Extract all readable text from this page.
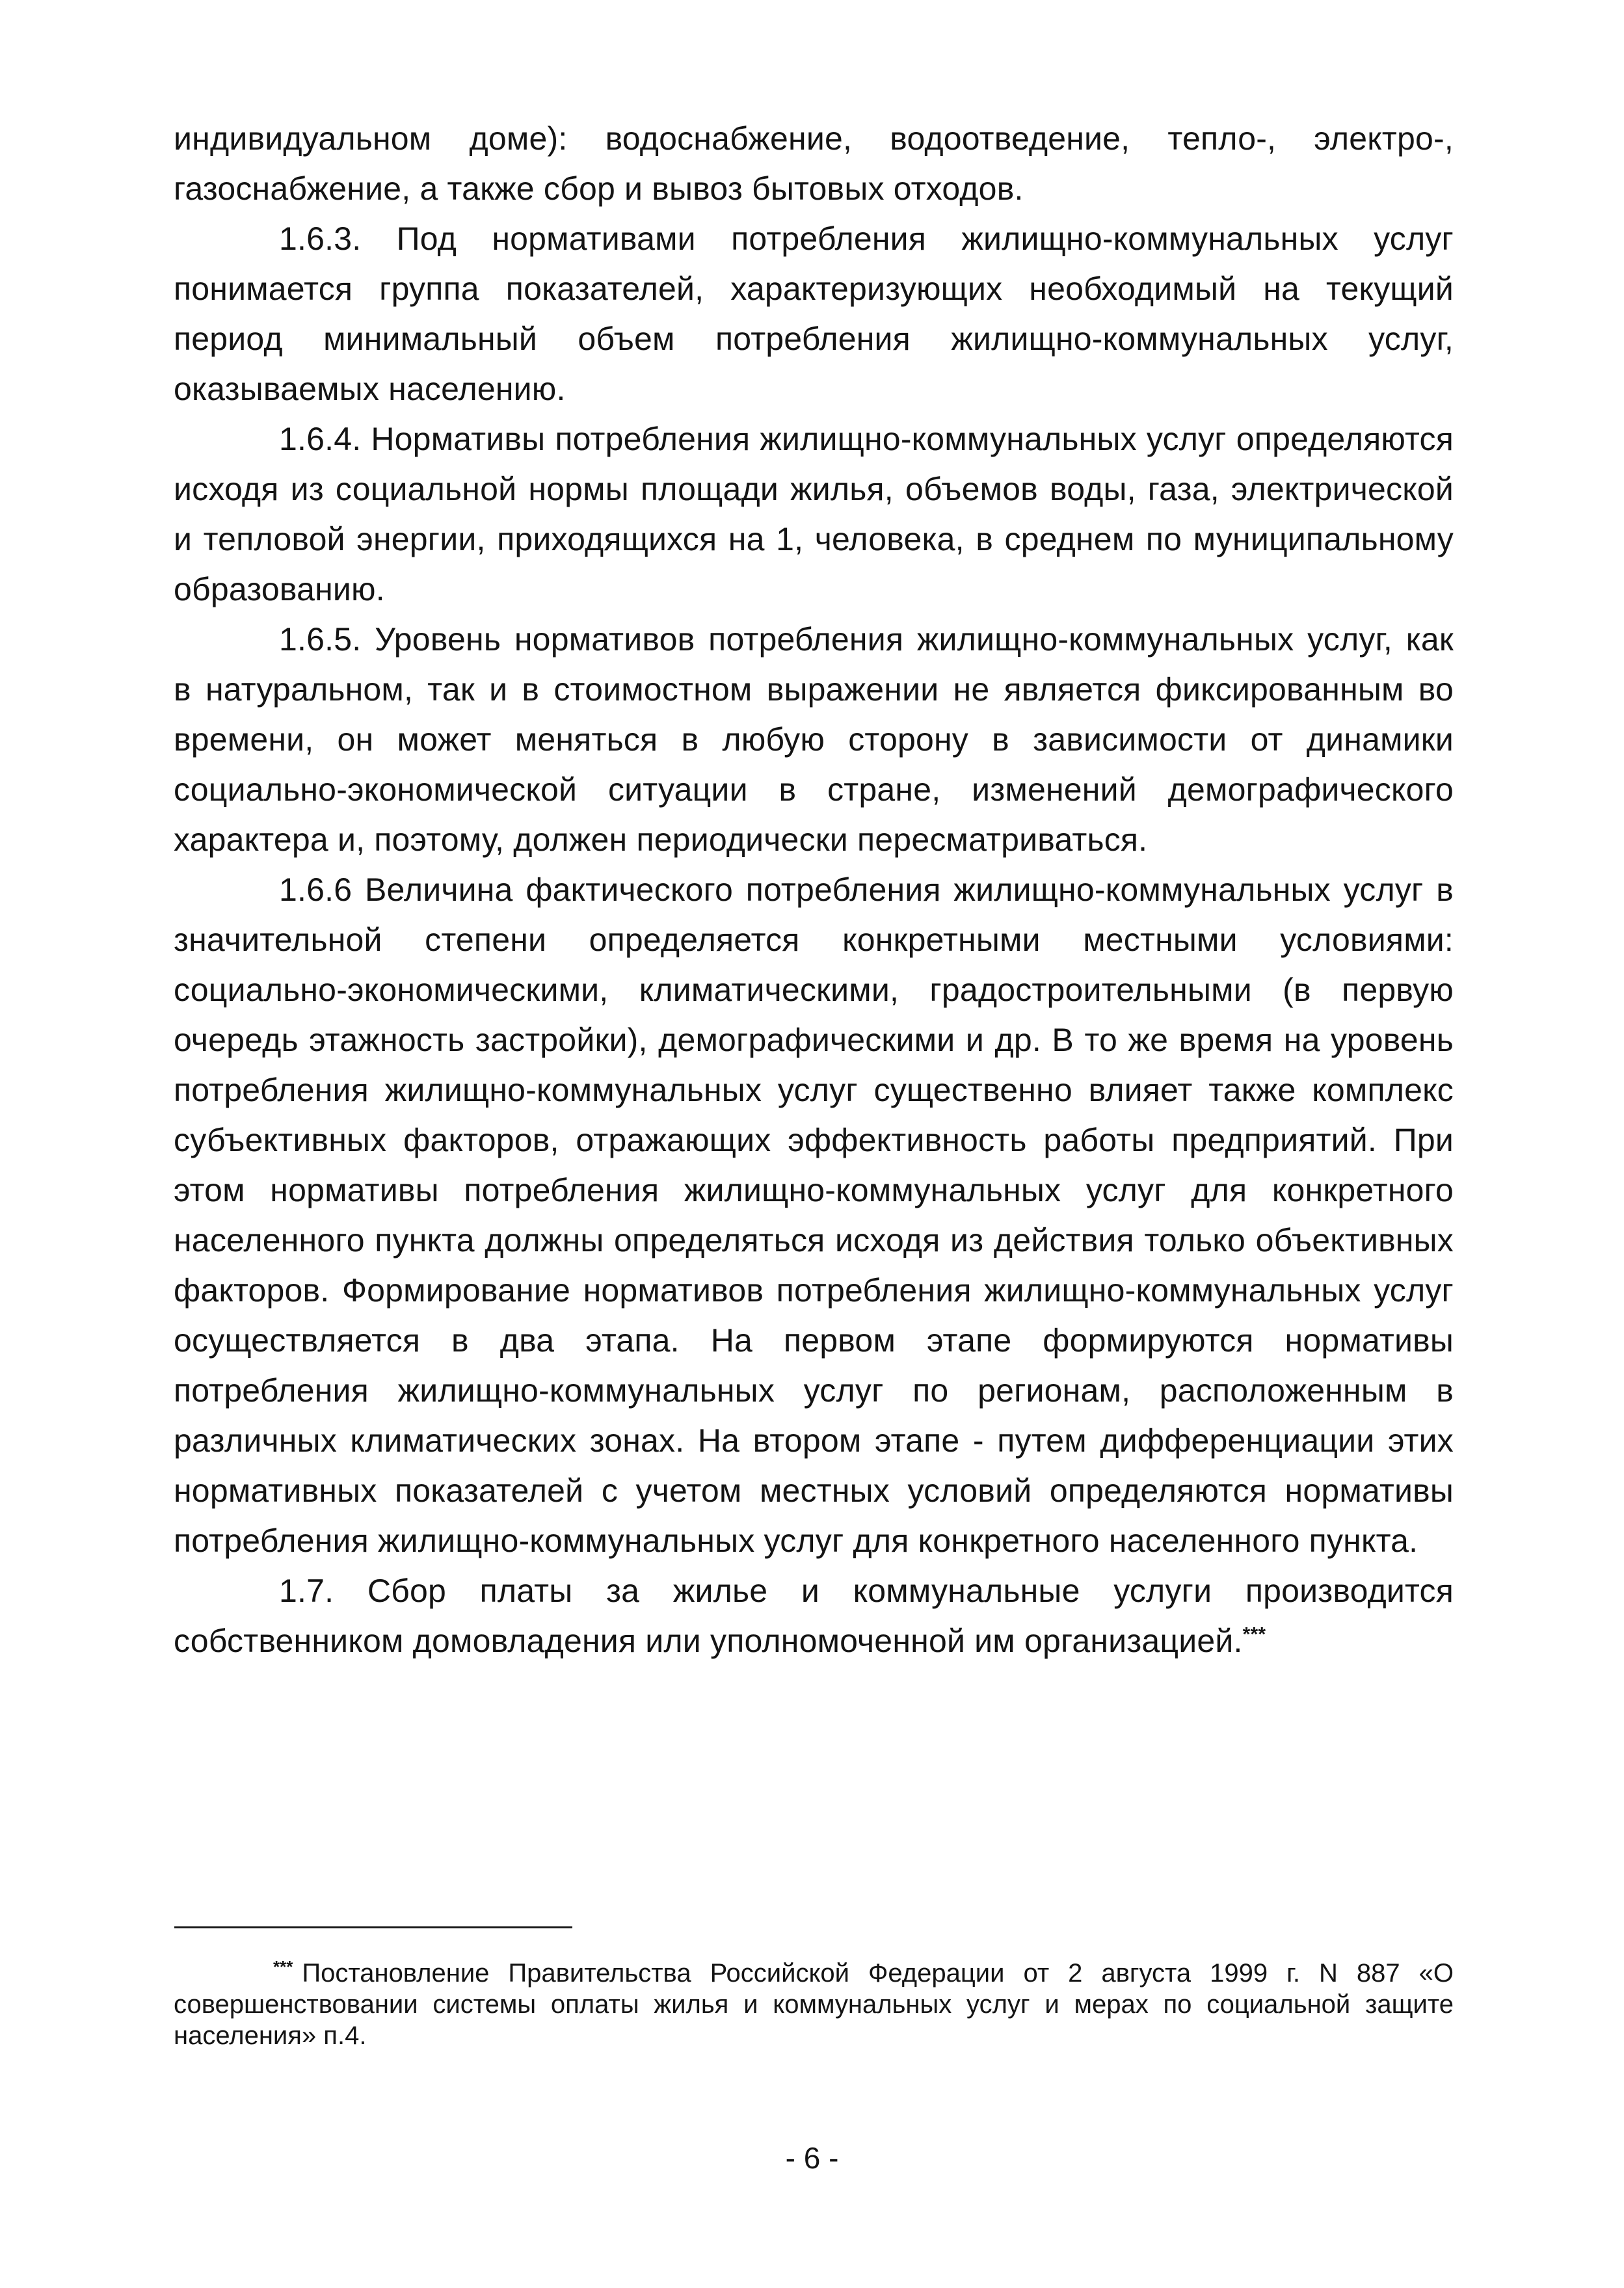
индивидуальном доме): водоснабжение, водоотведение, тепло-, электро-, газоснабжение, а также сбор и вывоз бытовых отходов.

1.6.3. Под нормативами потребления жилищно-коммунальных услуг понимается группа показателей, характеризующих необходимый на текущий период минимальный объем потребления жилищно-коммунальных услуг, оказываемых населению.

1.6.4. Нормативы потребления жилищно-коммунальных услуг определяются исходя из социальной нормы площади жилья, объемов воды, газа, электрической и тепловой энергии, приходящихся на 1, человека, в среднем по муниципальному образованию.

1.6.5. Уровень нормативов потребления жилищно-коммунальных услуг, как в натуральном, так и в стоимостном выражении не является фиксированным во времени, он может меняться в любую сторону в зависимости от динамики социально-экономической ситуации в стране, изменений демографического характера и, поэтому, должен периодически пересматриваться.

1.6.6 Величина фактического потребления жилищно-коммунальных услуг в значительной степени определяется конкретными местными условиями: социально-экономическими, климатическими, градостроительными (в первую очередь этажность застройки), демографическими и др. В то же время на уровень потребления жилищно-коммунальных услуг существенно влияет также комплекс субъективных факторов, отражающих эффективность работы предприятий. При этом нормативы потребления жилищно-коммунальных услуг для конкретного населенного пункта должны определяться исходя из действия только объективных факторов. Формирование нормативов потребления жилищно-коммунальных услуг осуществляется в два этапа. На первом этапе формируются нормативы потребления жилищно-коммунальных услуг по регионам, расположенным в различных климатических зонах. На втором этапе - путем дифференциации этих нормативных показателей с учетом местных условий определяются нормативы потребления жилищно-коммунальных услуг для конкретного населенного пункта.

1.7. Сбор платы за жилье и коммунальные услуги производится собственником домовладения или уполномоченной им организацией.***

*** Постановление Правительства Российской Федерации от 2 августа 1999 г. N 887 «О совершенствовании системы оплаты жилья и коммунальных услуг и мерах по социальной защите населения» п.4.
- 6 -
